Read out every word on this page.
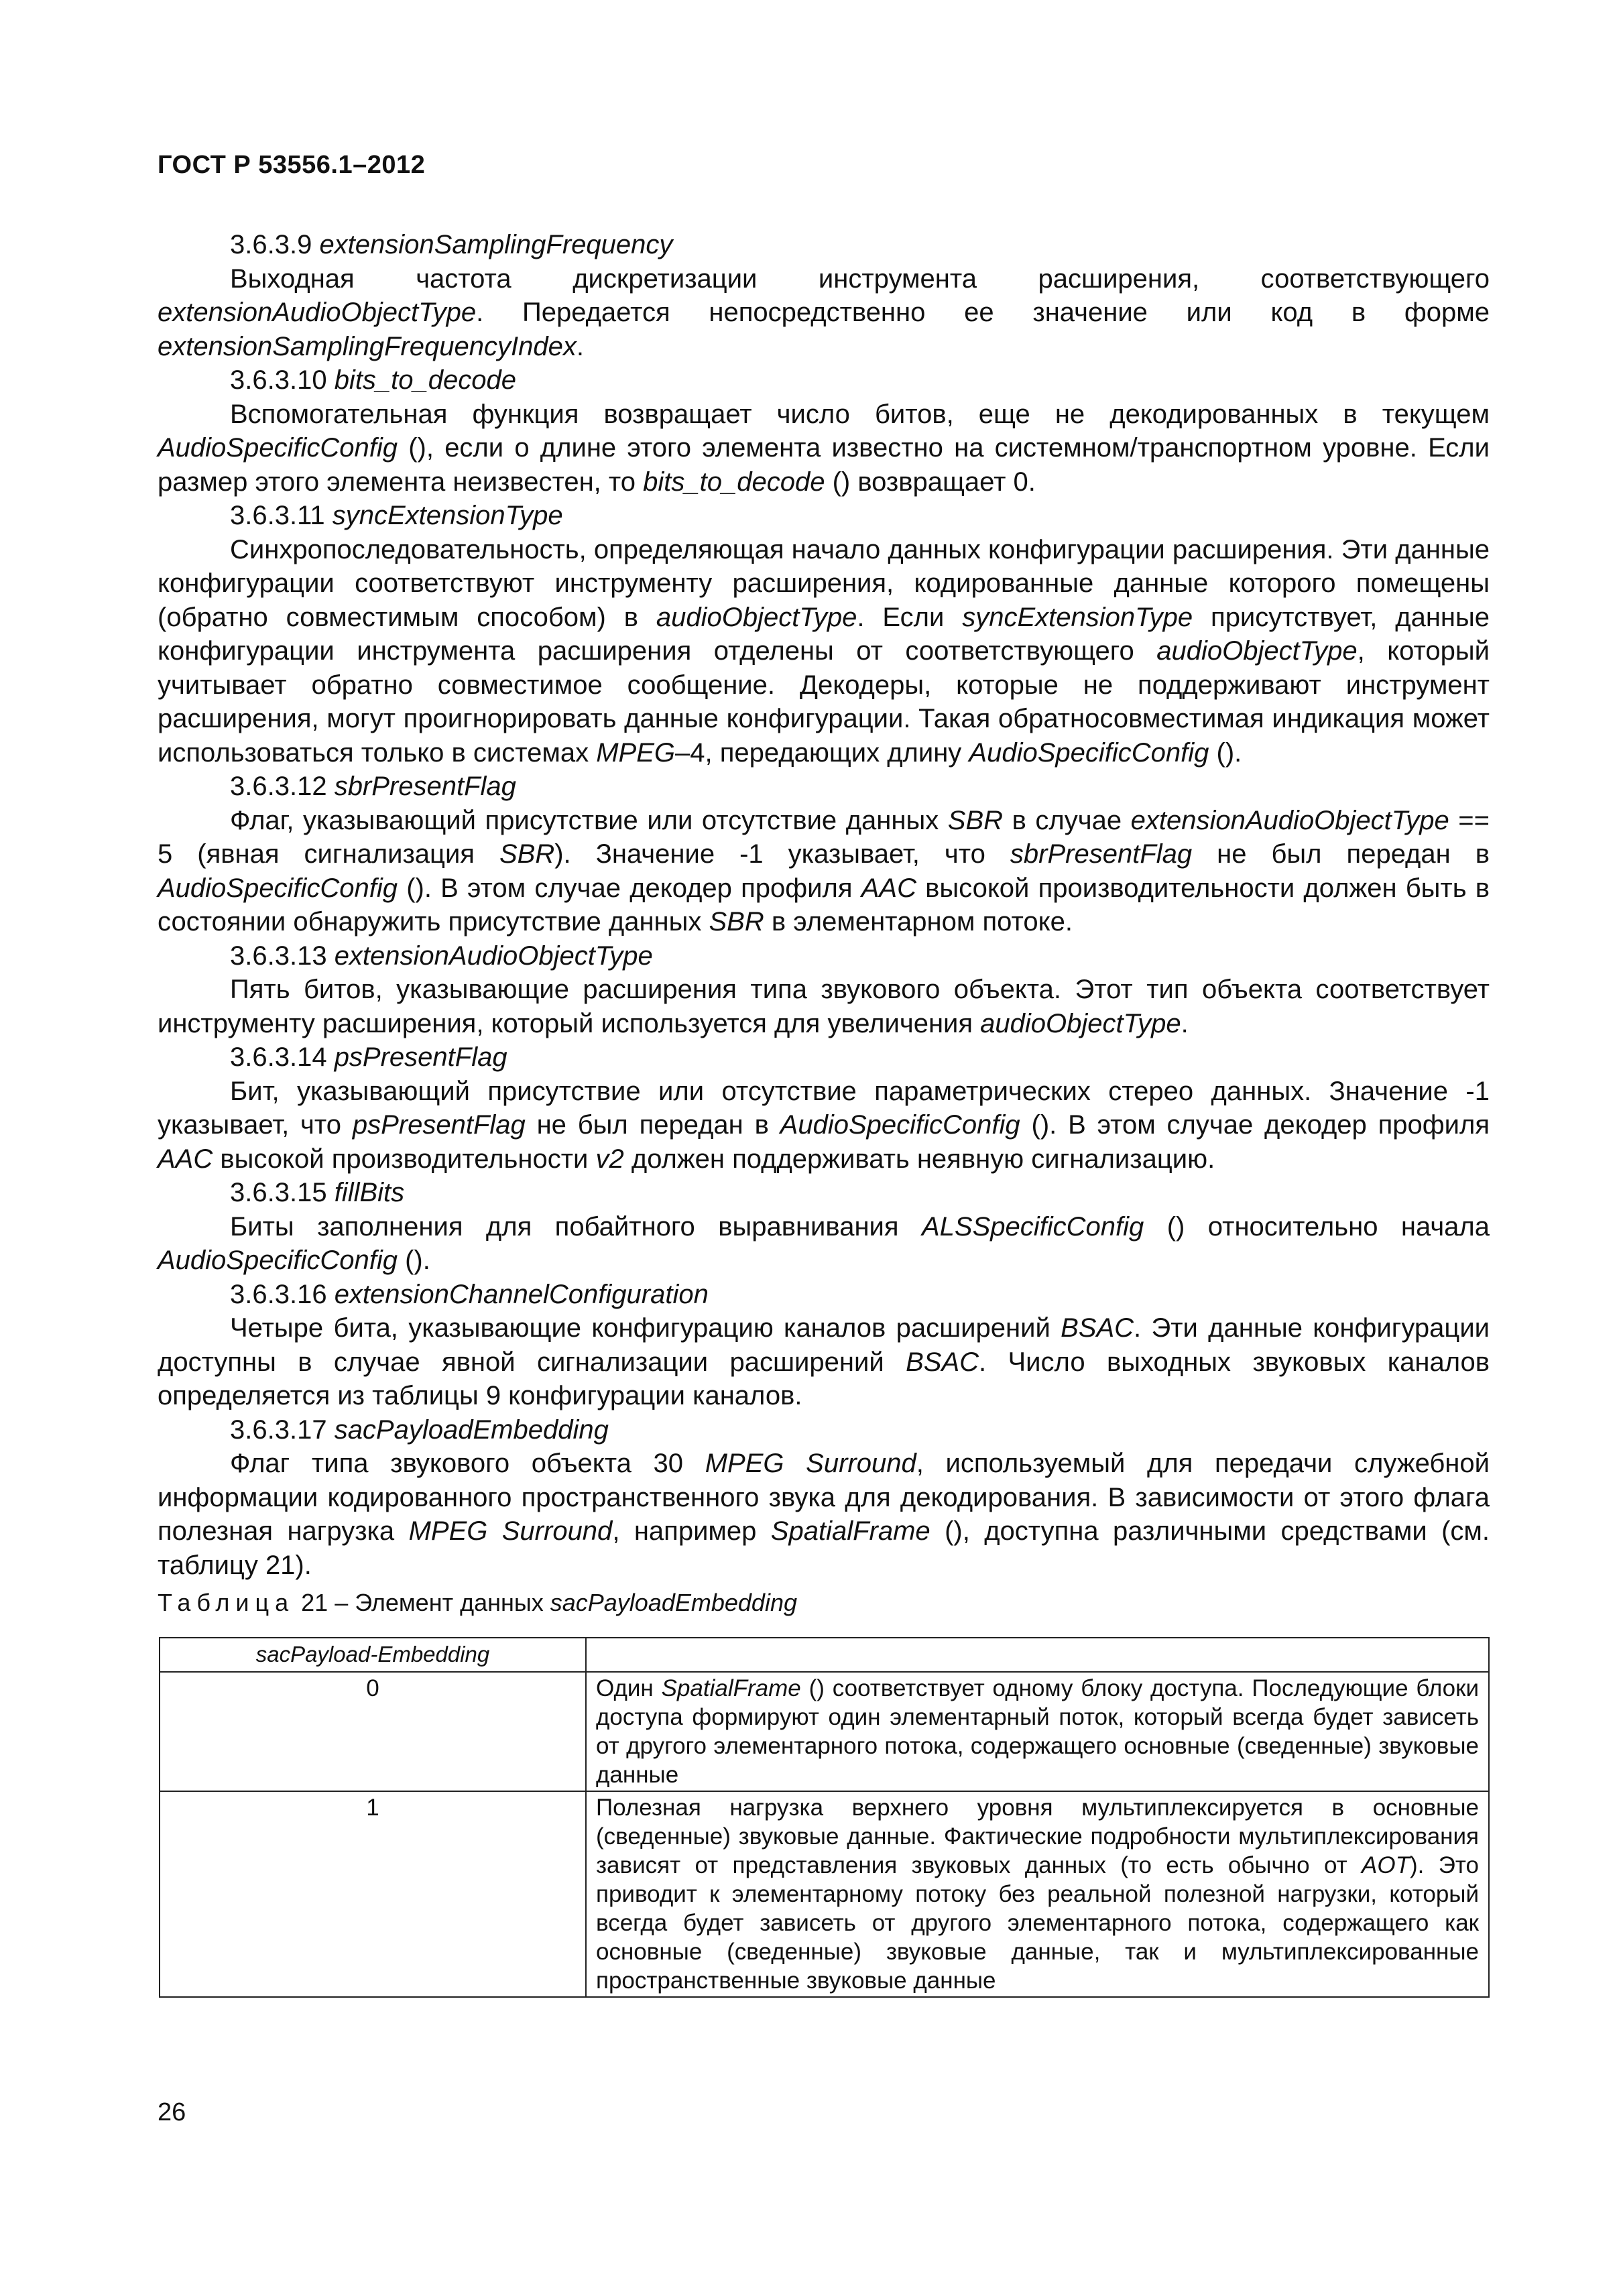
ГОСТ Р 53556.1–2012

3.6.3.9 extensionSamplingFrequency

Выходная частота дискретизации инструмента расширения, соответствующего extensionAudioObjectType. Передается непосредственно ее значение или код в форме extensionSamplingFrequencyIndex.

3.6.3.10 bits_to_decode

Вспомогательная функция возвращает число битов, еще не декодированных в текущем AudioSpecificConfig (), если о длине этого элемента известно на системном/транспортном уровне. Если размер этого элемента неизвестен, то bits_to_decode () возвращает 0.

3.6.3.11 syncExtensionType

Синхропоследовательность, определяющая начало данных конфигурации расширения. Эти данные конфигурации соответствуют инструменту расширения, кодированные данные которого помещены (обратно совместимым способом) в audioObjectType. Если syncExtensionType присутствует, данные конфигурации инструмента расширения отделены от соответствующего audioObjectType, который учитывает обратно совместимое сообщение. Декодеры, которые не поддерживают инструмент расширения, могут проигнорировать данные конфигурации. Такая обратносовместимая индикация может использоваться только в системах MPEG–4, передающих длину AudioSpecificConfig ().

3.6.3.12 sbrPresentFlag

Флаг, указывающий присутствие или отсутствие данных SBR в случае extensionAudioObjectType == 5 (явная сигнализация SBR). Значение -1 указывает, что sbrPresentFlag не был передан в AudioSpecificConfig (). В этом случае декодер профиля AAC высокой производительности должен быть в состоянии обнаружить присутствие данных SBR в элементарном потоке.

3.6.3.13 extensionAudioObjectType

Пять битов, указывающие расширения типа звукового объекта. Этот тип объекта соответствует инструменту расширения, который используется для увеличения audioObjectType.

3.6.3.14 psPresentFlag

Бит, указывающий присутствие или отсутствие параметрических стерео данных. Значение -1 указывает, что psPresentFlag не был передан в AudioSpecificConfig (). В этом случае декодер профиля AAC высокой производительности v2 должен поддерживать неявную сигнализацию.

3.6.3.15 fillBits

Биты заполнения для побайтного выравнивания ALSSpecificConfig () относительно начала AudioSpecificConfig ().

3.6.3.16 extensionChannelConfiguration

Четыре бита, указывающие конфигурацию каналов расширений BSAC. Эти данные конфигурации доступны в случае явной сигнализации расширений BSAC. Число выходных звуковых каналов определяется из таблицы 9 конфигурации каналов.

3.6.3.17 sacPayloadEmbedding

Флаг типа звукового объекта 30 MPEG Surround, используемый для передачи служебной информации кодированного пространственного звука для декодирования. В зависимости от этого флага полезная нагрузка MPEG Surround, например SpatialFrame (), доступна различными средствами (см. таблицу 21).

Таблица 21 – Элемент данных sacPayloadEmbedding
sacPayload-Embedding	
0	Один SpatialFrame () соответствует одному блоку доступа. Последующие блоки доступа формируют один элементарный поток, который всегда будет зависеть от другого элементарного потока, содержащего основные (сведенные) звуковые данные
1	Полезная нагрузка верхнего уровня мультиплексируется в основные (сведенные) звуковые данные. Фактические подробности мультиплексирования зависят от представления звуковых данных (то есть обычно от AOT). Это приводит к элементарному потоку без реальной полезной нагрузки, который всегда будет зависеть от другого элементарного потока, содержащего как основные (сведенные) звуковые данные, так и мультиплексированные пространственные звуковые данные
26
